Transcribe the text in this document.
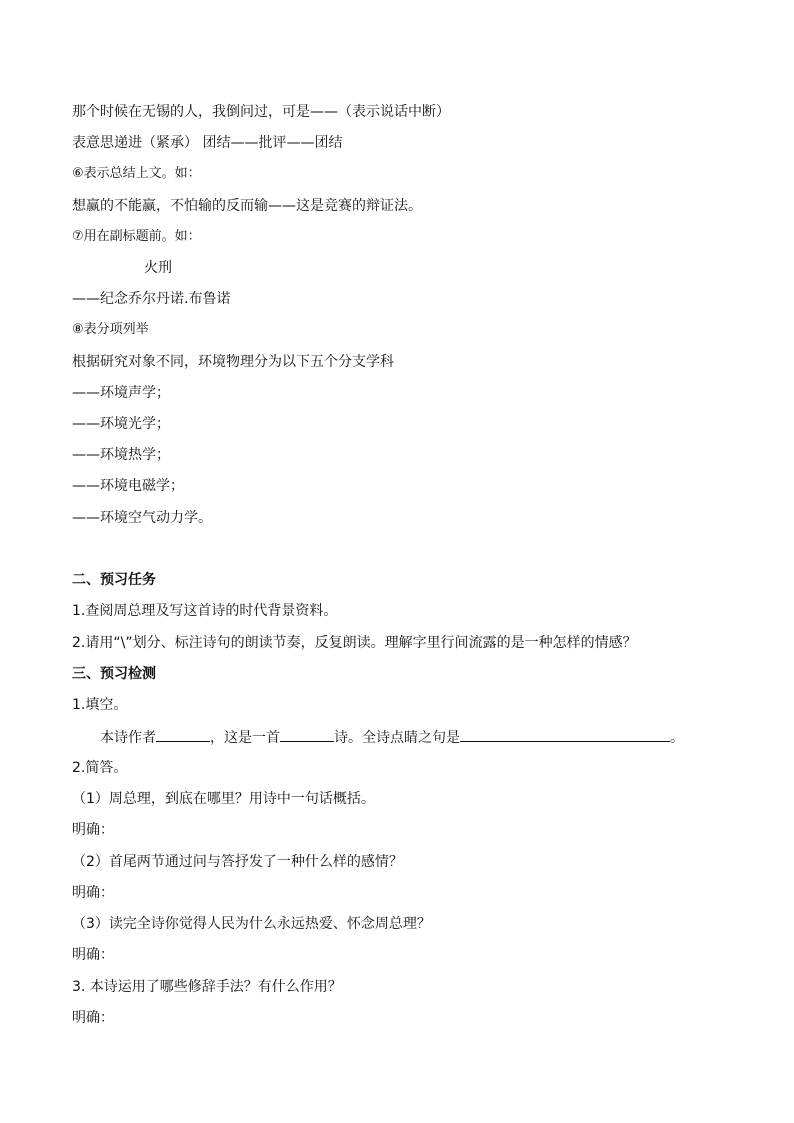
那个时候在无锡的人，我倒问过，可是——（表示说话中断）
表意思递进（紧承） 团结——批评——团结
⑥表示总结上文。如：
想赢的不能赢，不怕输的反而输——这是竞赛的辩证法。
⑦用在副标题前。如：
火刑
——纪念乔尔丹诺.布鲁诺
⑧表分项列举
根据研究对象不同，环境物理分为以下五个分支学科
——环境声学；
——环境光学；
——环境热学；
——环境电磁学；
——环境空气动力学。
二、预习任务
1.查阅周总理及写这首诗的时代背景资料。
2.请用“\”划分、标注诗句的朗读节奏，反复朗读。理解字里行间流露的是一种怎样的情感？
三、预习检测
1.填空。
本诗作者	，这是一首	诗。全诗点睛之句是	。
2.简答。
（1）周总理，到底在哪里？用诗中一句话概括。
明确：
（2）首尾两节通过问与答抒发了一种什么样的感情？
明确：
（3）读完全诗你觉得人民为什么永远热爱、怀念周总理？
明确：
3. 本诗运用了哪些修辞手法？有什么作用？
明确：
